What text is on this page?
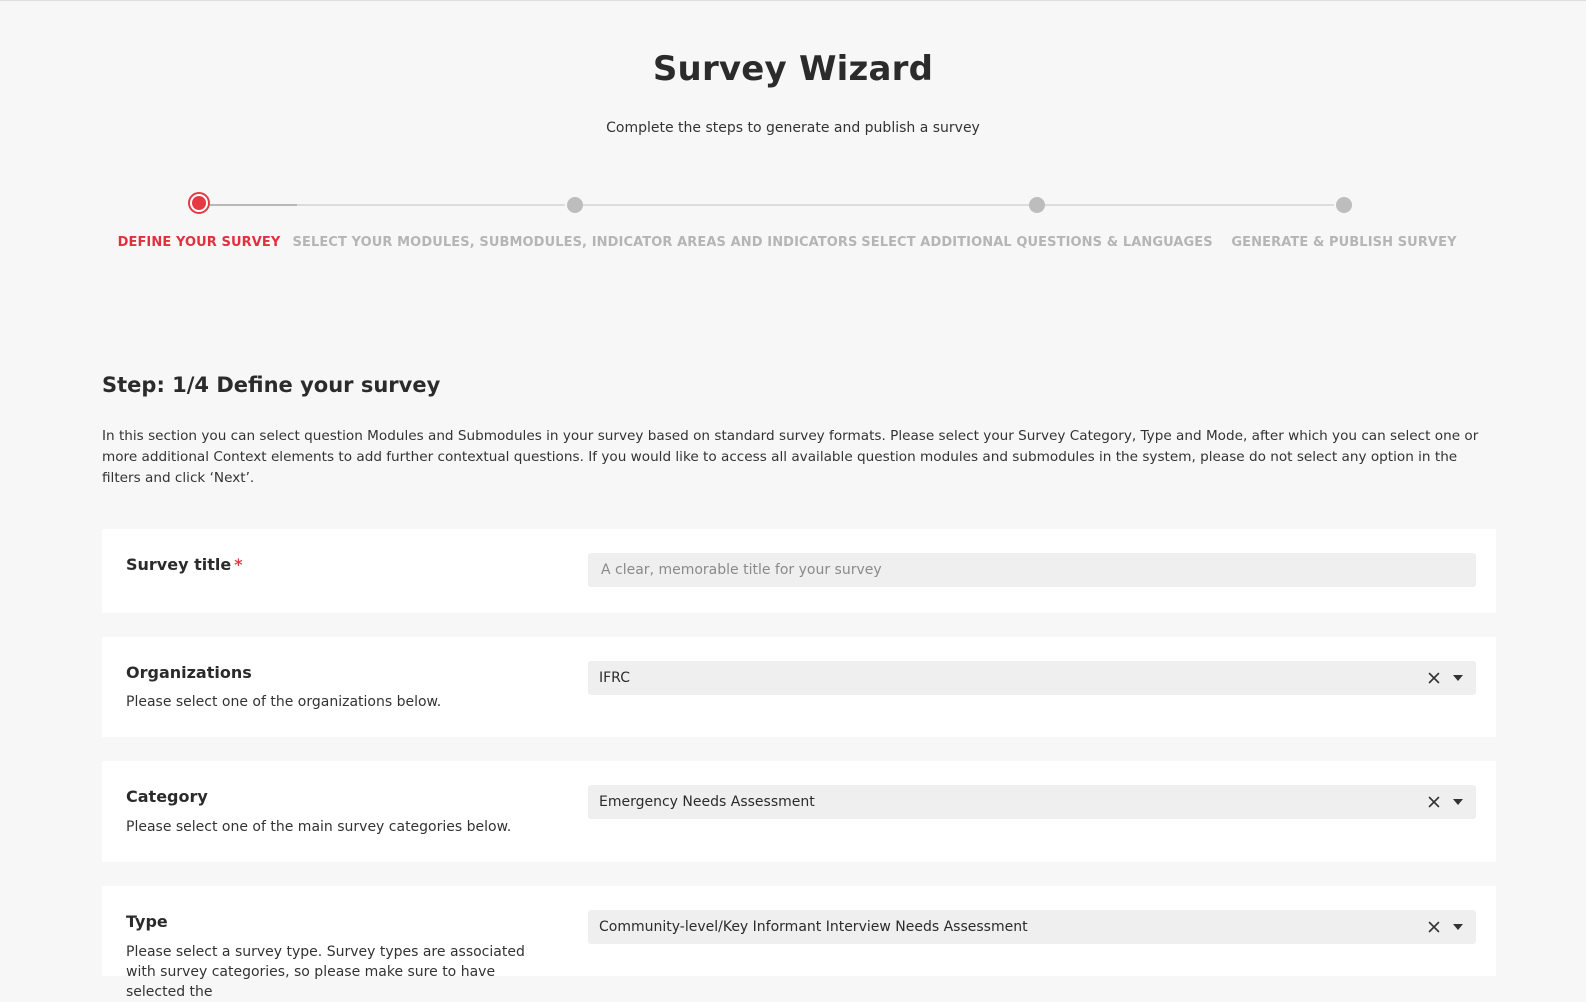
Survey Wizard
Complete the steps to generate and publish a survey
DEFINE YOUR SURVEY SELECT YOUR MODULES, SUBMODULES, INDICATOR AREAS AND INDICATORS SELECT ADDITIONAL QUESTIONS & LANGUAGES GENERATE & PUBLISH SURVEY
Step: 1/4 Define your survey
In this section you can select question Modules and Submodules in your survey based on standard survey formats. Please select your Survey Category, Type and Mode, after which you can select one or more additional Context elements to add further contextual questions. If you would like to access all available question modules and submodules in the system, please do not select any option in the filters and click ‘Next’.
Survey title *
A clear, memorable title for your survey
Organizations
Please select one of the organizations below.
IFRC
Category
Please select one of the main survey categories below.
Emergency Needs Assessment
Type
Please select a survey type. Survey types are associated with survey categories, so please make sure to have selected the
Community-level/Key Informant Interview Needs Assessment
